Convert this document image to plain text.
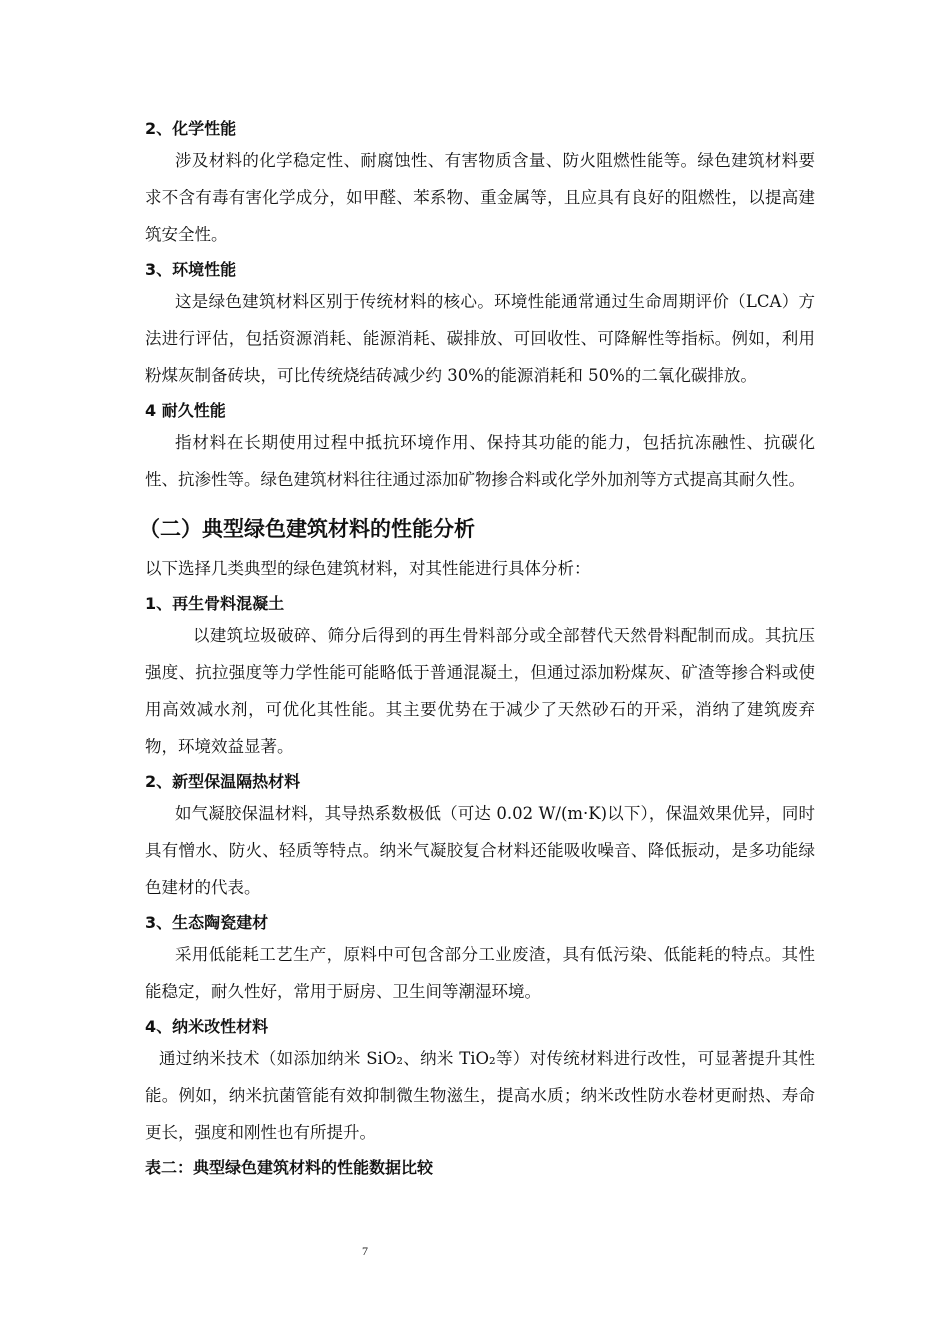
2、化学性能

涉及材料的化学稳定性、耐腐蚀性、有害物质含量、防火阻燃性能等。绿色建筑材料要求不含有毒有害化学成分，如甲醛、苯系物、重金属等，且应具有良好的阻燃性，以提高建筑安全性。

3、环境性能

这是绿色建筑材料区别于传统材料的核心。环境性能通常通过生命周期评价（LCA）方法进行评估，包括资源消耗、能源消耗、碳排放、可回收性、可降解性等指标。例如，利用粉煤灰制备砖块，可比传统烧结砖减少约 30%的能源消耗和 50%的二氧化碳排放。

4 耐久性能

指材料在长期使用过程中抵抗环境作用、保持其功能的能力，包括抗冻融性、抗碳化性、抗渗性等。绿色建筑材料往往通过添加矿物掺合料或化学外加剂等方式提高其耐久性。

（二）典型绿色建筑材料的性能分析

以下选择几类典型的绿色建筑材料，对其性能进行具体分析：

1、再生骨料混凝土

以建筑垃圾破碎、筛分后得到的再生骨料部分或全部替代天然骨料配制而成。其抗压强度、抗拉强度等力学性能可能略低于普通混凝土，但通过添加粉煤灰、矿渣等掺合料或使用高效减水剂，可优化其性能。其主要优势在于减少了天然砂石的开采，消纳了建筑废弃物，环境效益显著。

2、新型保温隔热材料

如气凝胶保温材料，其导热系数极低（可达 0.02 W/(m·K)以下），保温效果优异，同时具有憎水、防火、轻质等特点。纳米气凝胶复合材料还能吸收噪音、降低振动，是多功能绿色建材的代表。

3、生态陶瓷建材

采用低能耗工艺生产，原料中可包含部分工业废渣，具有低污染、低能耗的特点。其性能稳定，耐久性好，常用于厨房、卫生间等潮湿环境。

4、纳米改性材料

通过纳米技术（如添加纳米 SiO₂、纳米 TiO₂等）对传统材料进行改性，可显著提升其性能。例如，纳米抗菌管能有效抑制微生物滋生，提高水质；纳米改性防水卷材更耐热、寿命更长，强度和刚性也有所提升。

表二：典型绿色建筑材料的性能数据比较
7
